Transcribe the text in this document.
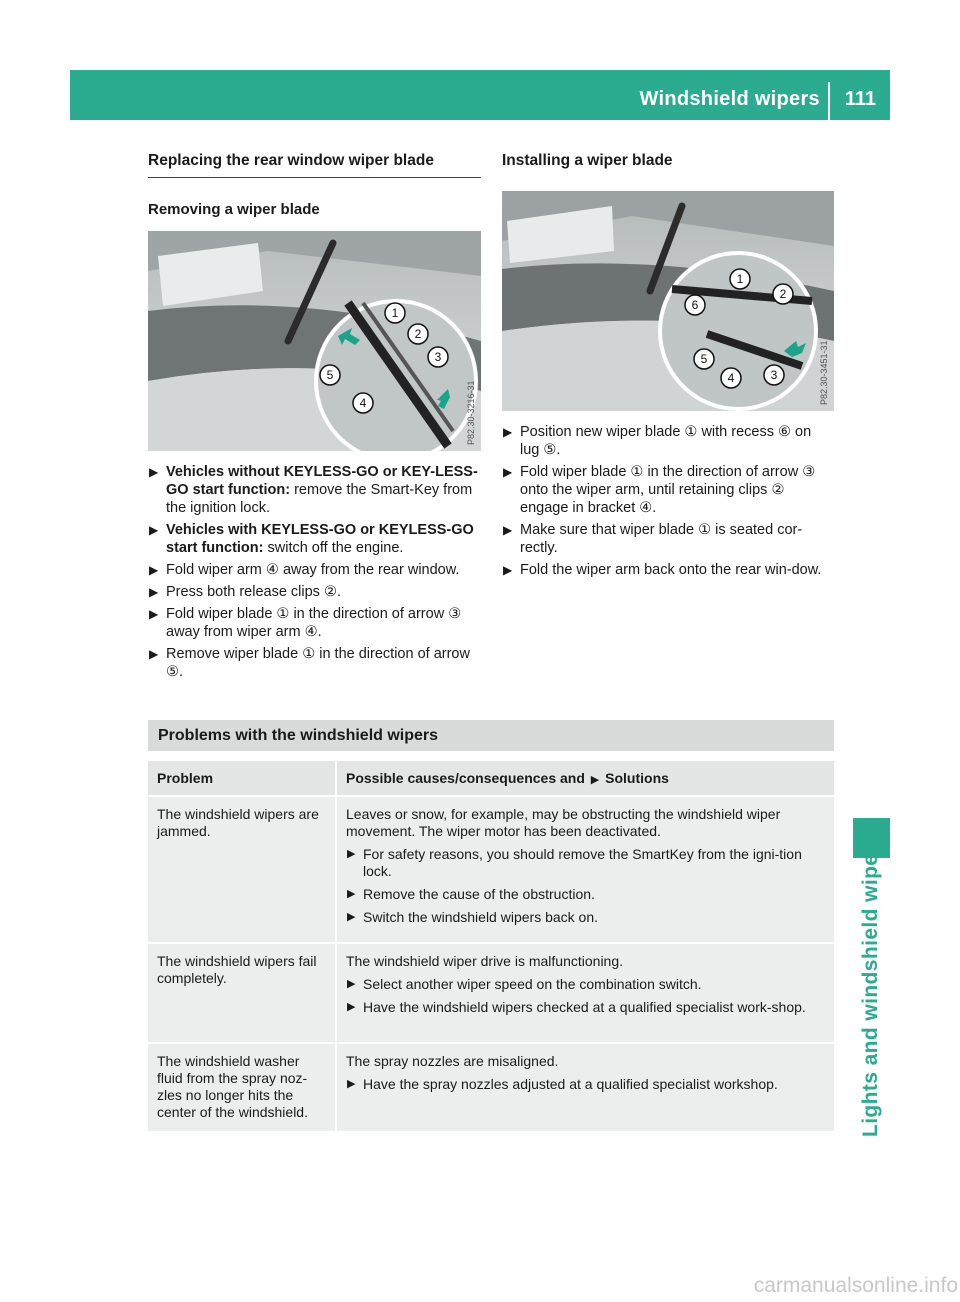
Windshield wipers 111
Lights and windshield wipers
Replacing the rear window wiper blade
Removing a wiper blade
1
2
3
4
5
P82.30-3216-31
▶ Vehicles without KEYLESS-GO or KEY-LESS-GO start function: remove the Smart-Key from the ignition lock.
▶ Vehicles with KEYLESS-GO or KEYLESS-GO start function: switch off the engine.
▶ Fold wiper arm ④ away from the rear window.
▶ Press both release clips ②.
▶ Fold wiper blade ① in the direction of arrow ③ away from wiper arm ④.
▶ Remove wiper blade ① in the direction of arrow ⑤.
Installing a wiper blade
1
2
3
4
5
6
P82.30-3451-31
▶ Position new wiper blade ① with recess ⑥ on lug ⑤.
▶ Fold wiper blade ① in the direction of arrow ③ onto the wiper arm, until retaining clips ② engage in bracket ④.
▶ Make sure that wiper blade ① is seated cor-rectly.
▶ Fold the wiper arm back onto the rear win-dow.
Problems with the windshield wipers
Problem	Possible causes/consequences and ▶ Solutions
The windshield wipers are jammed.

Leaves or snow, for example, may be obstructing the windshield wiper movement. The wiper motor has been deactivated.

▶ For safety reasons, you should remove the SmartKey from the igni-tion lock.
▶ Remove the cause of the obstruction.
▶ Switch the windshield wipers back on.
The windshield wipers fail completely.

The windshield wiper drive is malfunctioning.

▶ Select another wiper speed on the combination switch.
▶ Have the windshield wipers checked at a qualified specialist work-shop.
The windshield washer fluid from the spray noz-zles no longer hits the center of the windshield.

The spray nozzles are misaligned.

▶ Have the spray nozzles adjusted at a qualified specialist workshop.
carmanualsonline.info
